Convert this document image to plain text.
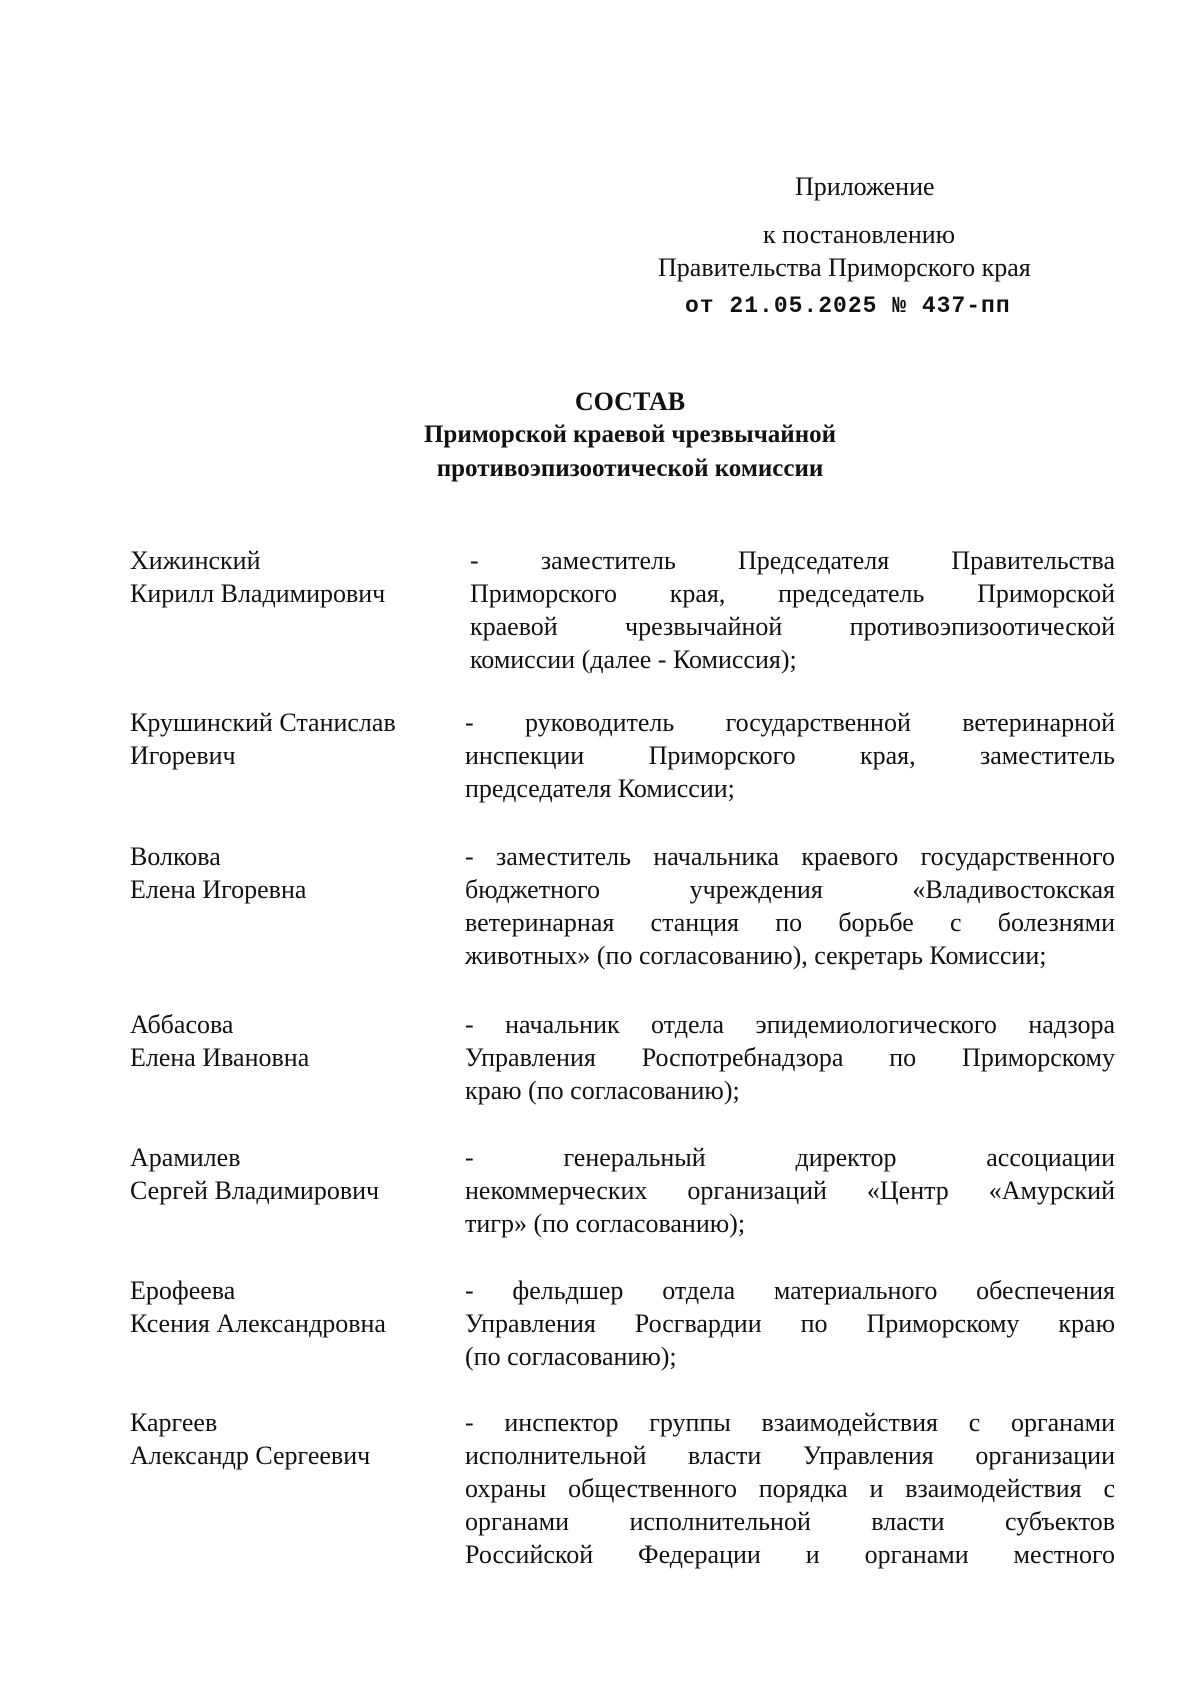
Приложение
к постановлению
Правительства Приморского края
от 21.05.2025 № 437-пп
СОСТАВ
Приморской краевой чрезвычайной
противоэпизоотической комиссии
Хижинский
Кирилл Владимирович
- заместитель Председателя Правительства
Приморского края, председатель Приморской
краевой чрезвычайной противоэпизоотической
комиссии (далее - Комиссия);
Крушинский Станислав
Игоревич
- руководитель государственной ветеринарной
инспекции Приморского края, заместитель
председателя Комиссии;
Волкова
Елена Игоревна
- заместитель начальника краевого государственного
бюджетного учреждения «Владивостокская
ветеринарная станция по борьбе с болезнями
животных» (по согласованию), секретарь Комиссии;
Аббасова
Елена Ивановна
- начальник отдела эпидемиологического надзора
Управления Роспотребнадзора по Приморскому
краю (по согласованию);
Арамилев
Сергей Владимирович
- генеральный директор ассоциации
некоммерческих организаций «Центр «Амурский
тигр» (по согласованию);
Ерофеева
Ксения Александровна
- фельдшер отдела материального обеспечения
Управления Росгвардии по Приморскому краю
(по согласованию);
Каргеев
Александр Сергеевич
- инспектор группы взаимодействия с органами
исполнительной власти Управления организации
охраны общественного порядка и взаимодействия с
органами исполнительной власти субъектов
Российской Федерации и органами местного
